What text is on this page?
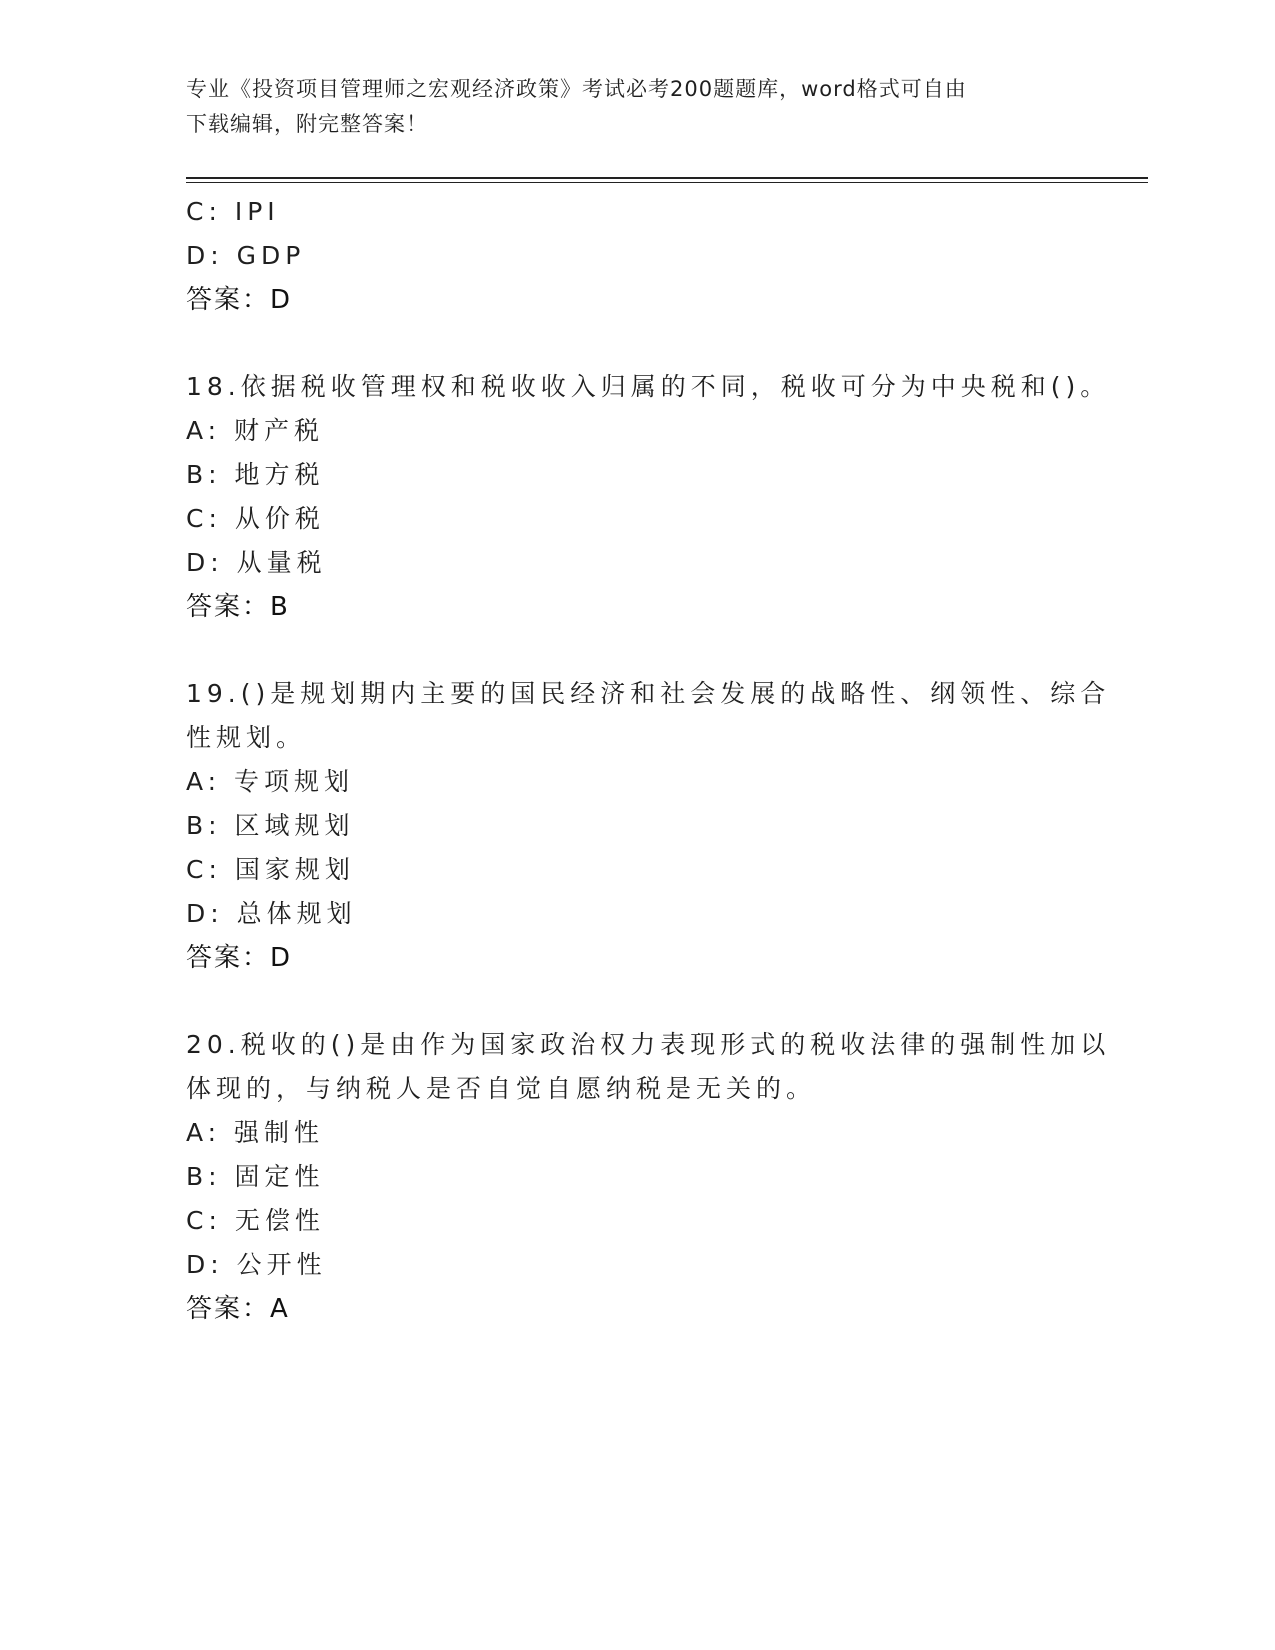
专业《投资项目管理师之宏观经济政策》考试必考200题题库，word格式可自由
下载编辑，附完整答案！
C: IPI
D: GDP
答案：D
18.依据税收管理权和税收收入归属的不同，税收可分为中央税和()。
A: 财产税
B: 地方税
C: 从价税
D: 从量税
答案：B
19.()是规划期内主要的国民经济和社会发展的战略性、纲领性、综合
性规划。
A: 专项规划
B: 区域规划
C: 国家规划
D: 总体规划
答案：D
20.税收的()是由作为国家政治权力表现形式的税收法律的强制性加以
体现的，与纳税人是否自觉自愿纳税是无关的。
A: 强制性
B: 固定性
C: 无偿性
D: 公开性
答案：A
